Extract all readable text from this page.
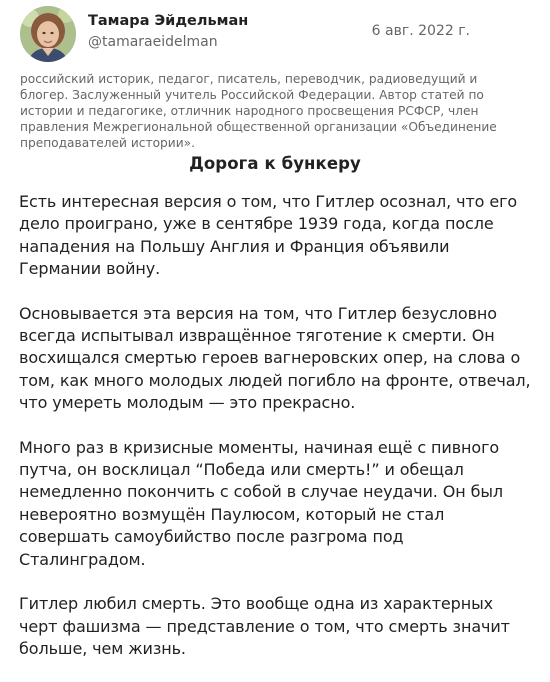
Тамара Эйдельман
@tamaraeidelman
6 авг. 2022 г.

российский историк, педагог, писатель, переводчик, радиоведущий и блогер. Заслуженный учитель Российской Федерации. Автор статей по истории и педагогике, отличник народного просвещения РСФСР, член правления Межрегиональной общественной организации «Объединение преподавателей истории».

Дорога к бункеру

Есть интересная версия о том, что Гитлер осознал, что его дело проиграно, уже в сентябре 1939 года, когда после нападения на Польшу Англия и Франция объявили Германии войну.

Основывается эта версия на том, что Гитлер безусловно всегда испытывал извращённое тяготение к смерти. Он восхищался смертью героев вагнеровских опер, на слова о том, как много молодых людей погибло на фронте, отвечал, что умереть молодым — это прекрасно.

Много раз в кризисные моменты, начиная ещё с пивного путча, он восклицал “Победа или смерть!” и обещал немедленно покончить с собой в случае неудачи. Он был невероятно возмущён Паулюсом, который не стал совершать самоубийство после разгрома под Сталинградом.

Гитлер любил смерть. Это вообще одна из характерных черт фашизма — представление о том, что смерть значит больше, чем жизнь.
